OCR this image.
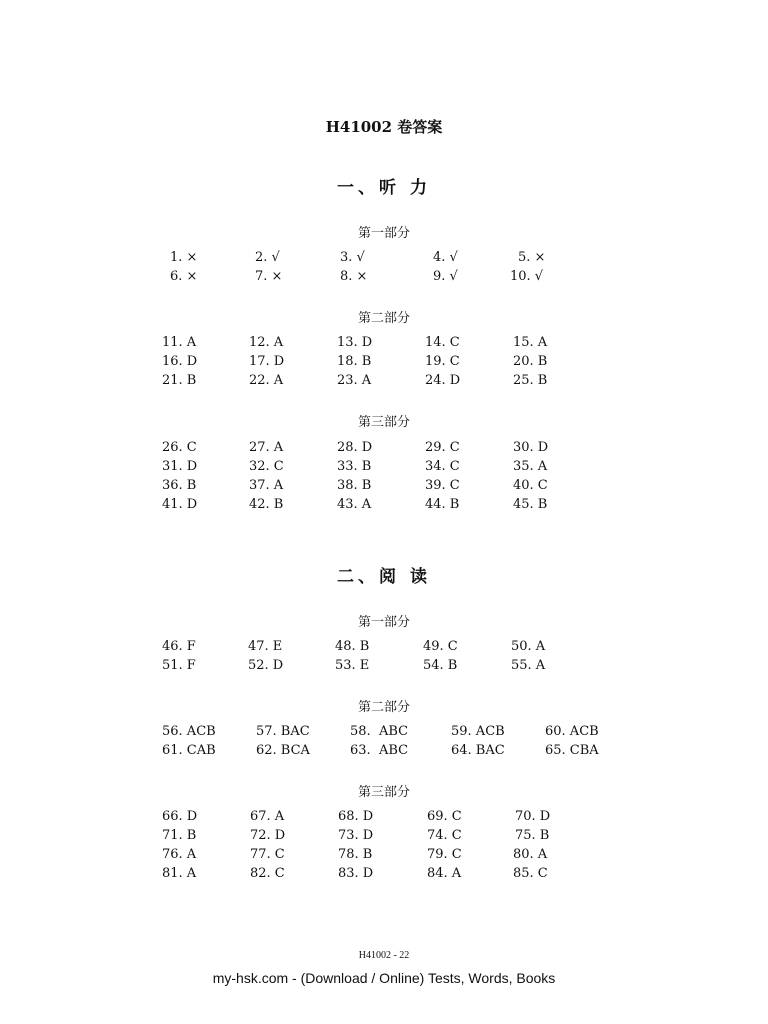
H41002 卷答案
一、听 力
第一部分
1. ×	2. √	3. √	4. √	5. ×
6. ×	7. ×	8. ×	9. √	10. √
第二部分
11. A	12. A	13. D	14. C	15. A
16. D	17. D	18. B	19. C	20. B
21. B	22. A	23. A	24. D	25. B
第三部分
26. C	27. A	28. D	29. C	30. D
31. D	32. C	33. B	34. C	35. A
36. B	37. A	38. B	39. C	40. C
41. D	42. B	43. A	44. B	45. B
二、阅 读
第一部分
46. F	47. E	48. B	49. C	50. A
51. F	52. D	53. E	54. B	55. A
第二部分
56. ACB	57. BAC	58.  ABC	59. ACB	60. ACB
61. CAB	62. BCA	63.  ABC	64. BAC	65. CBA
第三部分
66. D	67. A	68. D	69. C	70. D
71. B	72. D	73. D	74. C	75. B
76. A	77. C	78. B	79. C	80. A
81. A	82. C	83. D	84. A	85. C
H41002 - 22
my-hsk.com - (Download / Online) Tests, Words, Books
